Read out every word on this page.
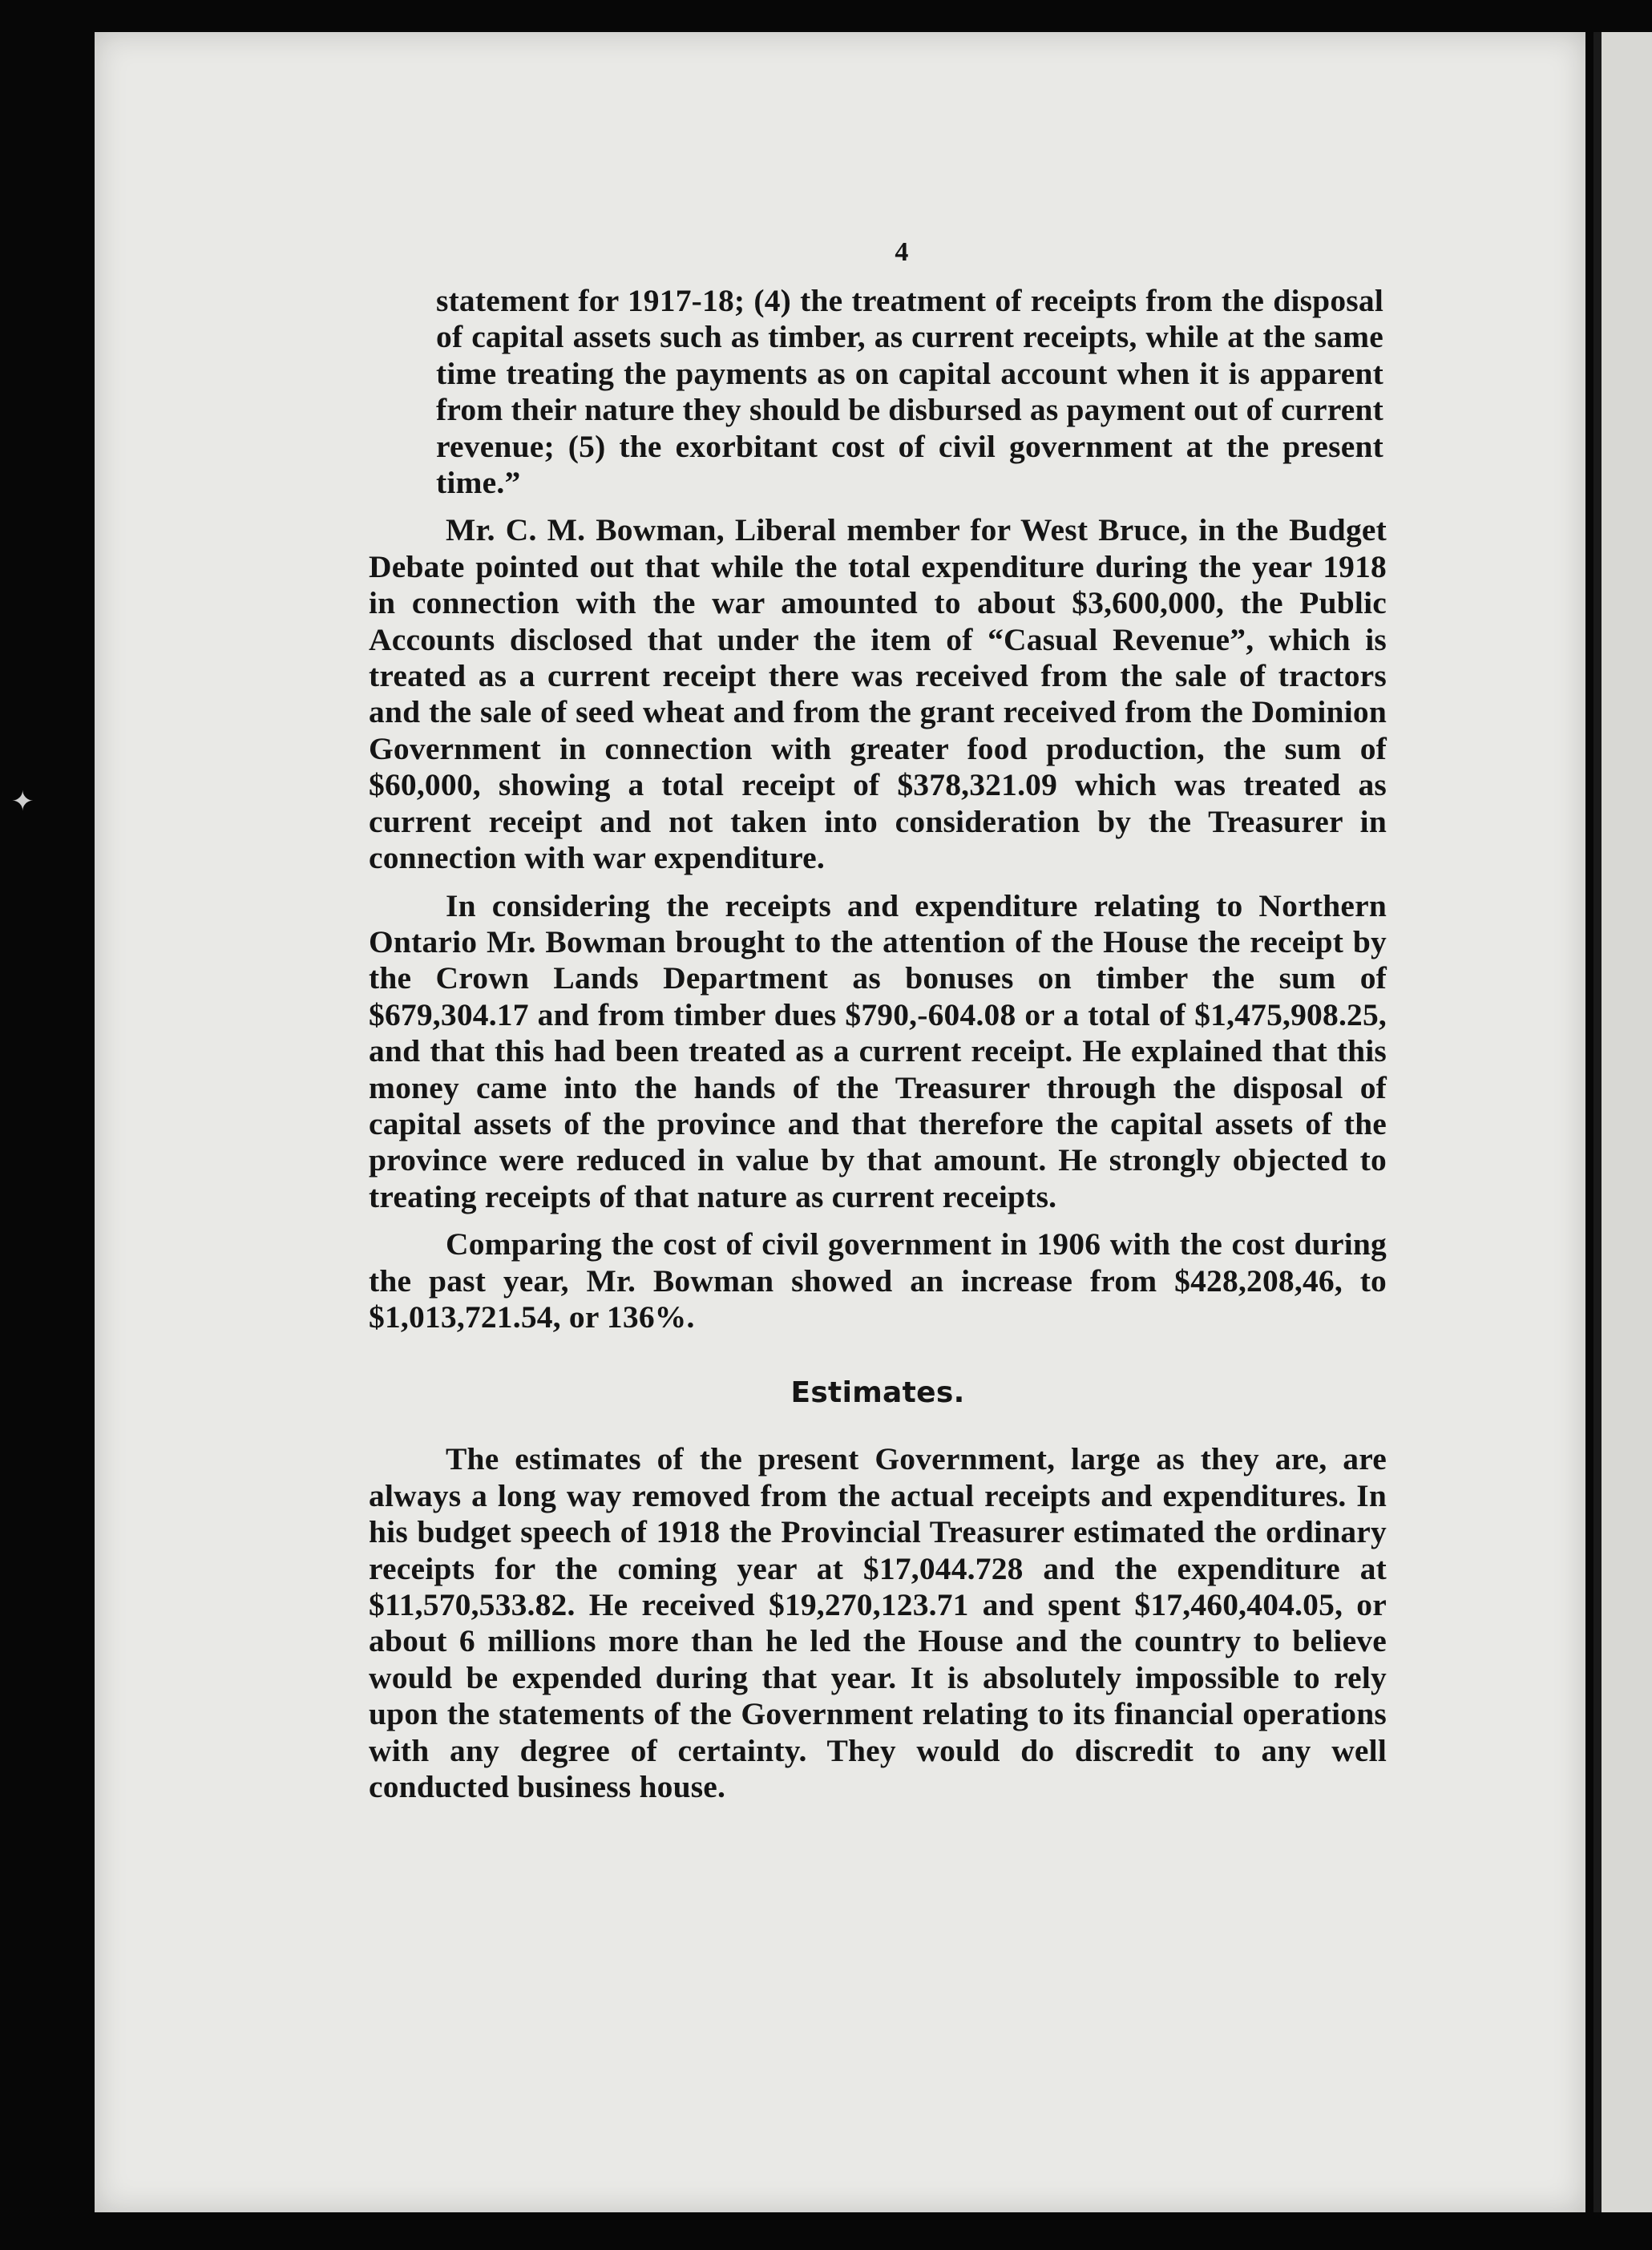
✦
4

statement for 1917-18; (4) the treatment of receipts from the disposal of capital assets such as timber, as current receipts, while at the same time treating the payments as on capital account when it is apparent from their nature they should be disbursed as payment out of current revenue; (5) the exorbitant cost of civil government at the present time.”

Mr. C. M. Bowman, Liberal member for West Bruce, in the Budget Debate pointed out that while the total expenditure during the year 1918 in connection with the war amounted to about $3,600,000, the Public Accounts disclosed that under the item of “Casual Revenue”, which is treated as a current receipt there was received from the sale of tractors and the sale of seed wheat and from the grant received from the Dominion Government in connection with greater food production, the sum of $60,000, showing a total receipt of $378,321.09 which was treated as current receipt and not taken into consideration by the Treasurer in connection with war expenditure.

In considering the receipts and expenditure relating to Northern Ontario Mr. Bowman brought to the attention of the House the receipt by the Crown Lands Department as bonuses on timber the sum of $679,304.17 and from timber dues $790,-604.08 or a total of $1,475,908.25, and that this had been treated as a current receipt. He explained that this money came into the hands of the Treasurer through the disposal of capital assets of the province and that therefore the capital assets of the province were reduced in value by that amount. He strongly objected to treating receipts of that nature as current receipts.

Comparing the cost of civil government in 1906 with the cost during the past year, Mr. Bowman showed an increase from $428,208,46, to $1,013,721.54, or 136%.

Estimates.

The estimates of the present Government, large as they are, are always a long way removed from the actual receipts and expenditures. In his budget speech of 1918 the Provincial Treasurer estimated the ordinary receipts for the coming year at $17,044.728 and the expenditure at $11,570,533.82. He received $19,270,123.71 and spent $17,460,404.05, or about 6 millions more than he led the House and the country to believe would be expended during that year. It is absolutely impossible to rely upon the statements of the Government relating to its financial operations with any degree of certainty. They would do discredit to any well conducted business house.
